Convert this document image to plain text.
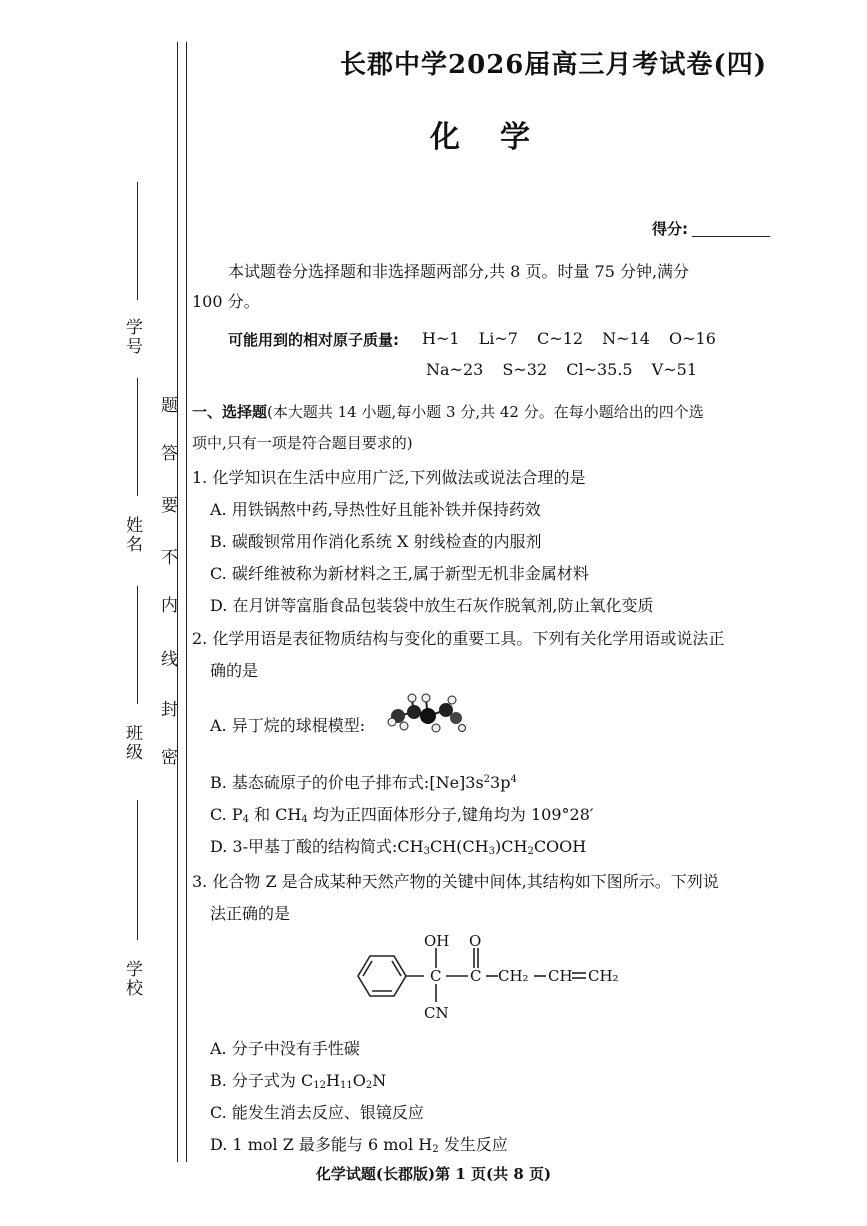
学号
姓名
班级
学校
密
封
线
内
不
要
答
题
长郡中学2026届高三月考试卷(四)
化学
得分:
本试题卷分选择题和非选择题两部分,共 8 页。时量 75 分钟,满分
100 分。
可能用到的相对原子质量: H~1 Li~7 C~12 N~14 O~16
Na~23 S~32 Cl~35.5 V~51
一、选择题(本大题共 14 小题,每小题 3 分,共 42 分。在每小题给出的四个选
项中,只有一项是符合题目要求的)
1. 化学知识在生活中应用广泛,下列做法或说法合理的是
A. 用铁锅熬中药,导热性好且能补铁并保持药效
B. 碳酸钡常用作消化系统 X 射线检查的内服剂
C. 碳纤维被称为新材料之王,属于新型无机非金属材料
D. 在月饼等富脂食品包装袋中放生石灰作脱氧剂,防止氧化变质
2. 化学用语是表征物质结构与变化的重要工具。下列有关化学用语或说法正
确的是
A. 异丁烷的球棍模型:
B. 基态硫原子的价电子排布式$:[Ne]3s^23p^4$
C. $P_4$ 和 $CH_4$ 均为正四面体形分子,键角均为 109°28′
D. 3-甲基丁酸的结构简式$:CH_3CH(CH_3)CH_2COOH$
3. 化合物 Z 是合成某种天然产物的关键中间体,其结构如下图所示。下列说
法正确的是
OH O
C C CH₂ CH CH₂
CN
A. 分子中没有手性碳
B. 分子式为 $C_{12}H_{11}O_2N$
C. 能发生消去反应、银镜反应
D. 1 mol Z 最多能与 6 mol $H_2$ 发生反应
化学试题(长郡版)第 1 页(共 8 页)
